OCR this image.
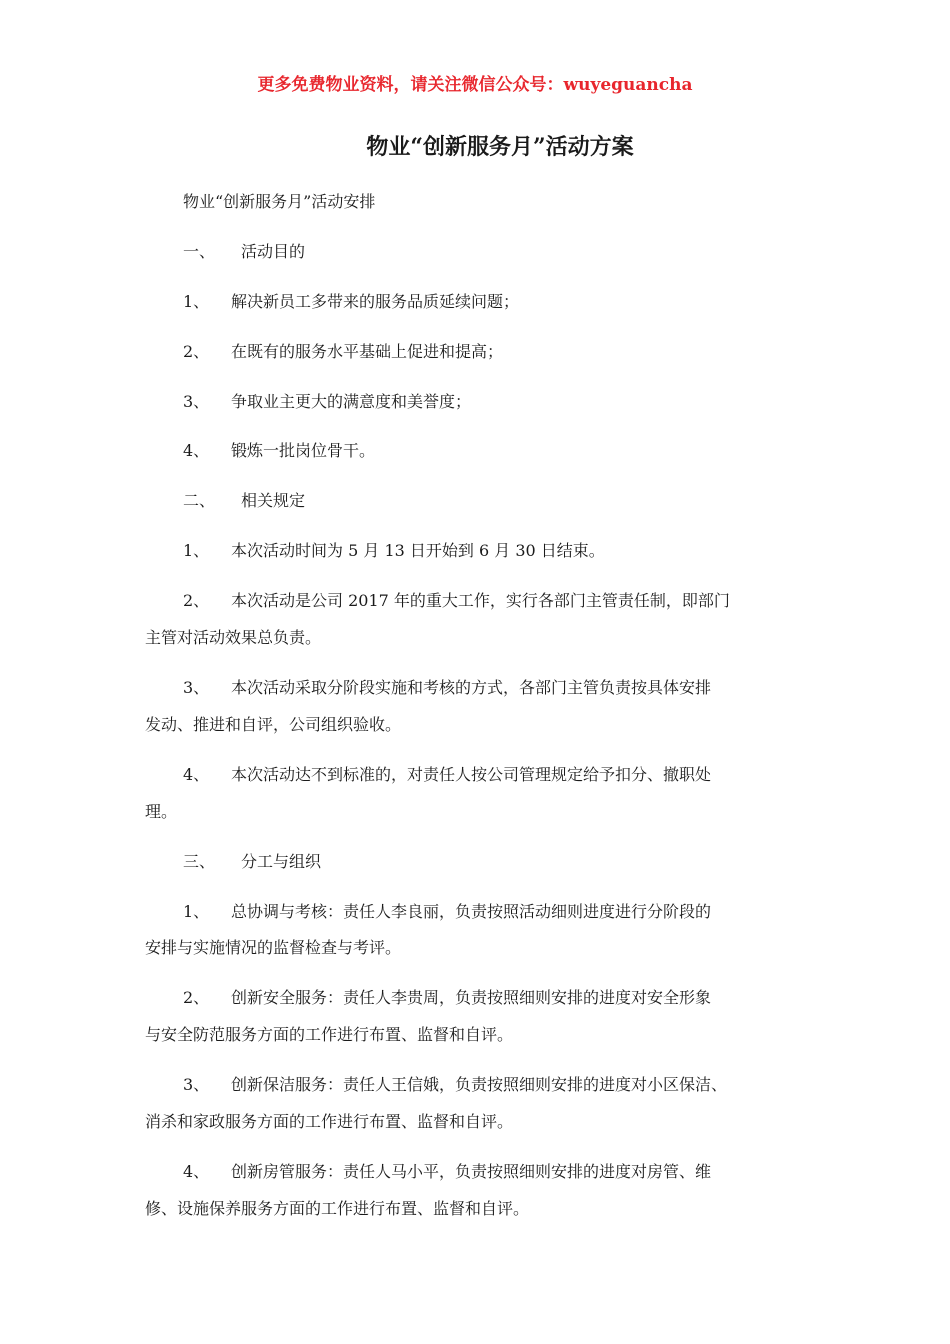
更多免费物业资料，请关注微信公众号：wuyeguancha
物业“创新服务月”活动方案
物业“创新服务月”活动安排
一、 活动目的
1、 解决新员工多带来的服务品质延续问题；
2、 在既有的服务水平基础上促进和提高；
3、 争取业主更大的满意度和美誉度；
4、 锻炼一批岗位骨干。
二、 相关规定
1、 本次活动时间为 5 月 13 日开始到 6 月 30 日结束。
2、 本次活动是公司 2017 年的重大工作，实行各部门主管责任制，即部门
主管对活动效果总负责。
3、 本次活动采取分阶段实施和考核的方式，各部门主管负责按具体安排
发动、推进和自评，公司组织验收。
4、 本次活动达不到标准的，对责任人按公司管理规定给予扣分、撤职处
理。
三、 分工与组织
1、 总协调与考核：责任人李良丽，负责按照活动细则进度进行分阶段的
安排与实施情况的监督检查与考评。
2、 创新安全服务：责任人李贵周，负责按照细则安排的进度对安全形象
与安全防范服务方面的工作进行布置、监督和自评。
3、 创新保洁服务：责任人王信娥，负责按照细则安排的进度对小区保洁、
消杀和家政服务方面的工作进行布置、监督和自评。
4、 创新房管服务：责任人马小平，负责按照细则安排的进度对房管、维
修、设施保养服务方面的工作进行布置、监督和自评。
